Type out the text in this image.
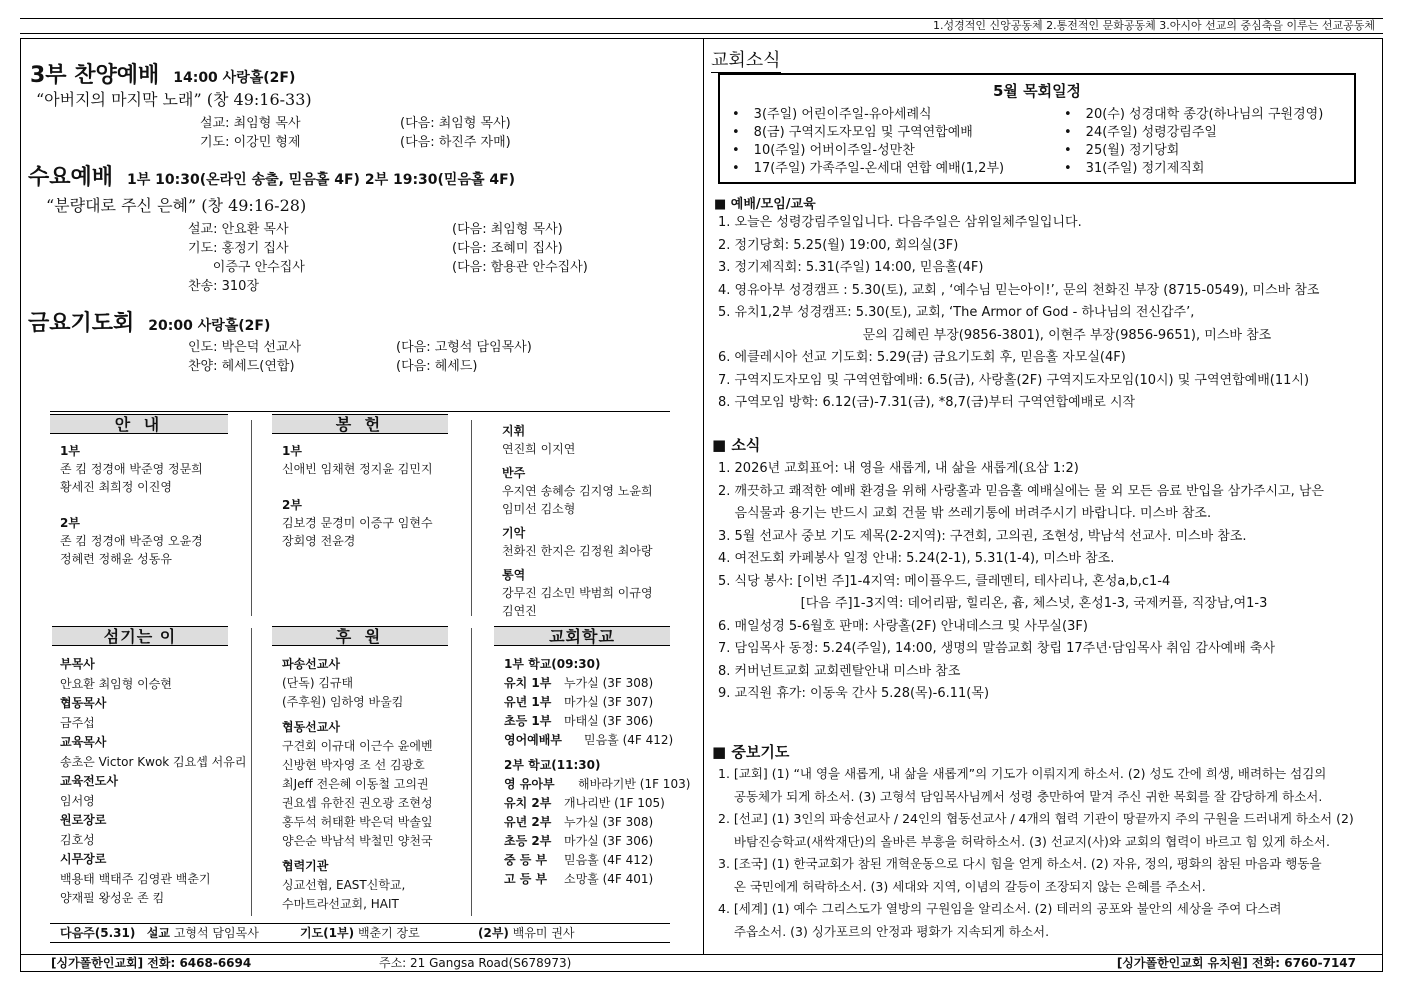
1.성경적인 신앙공동체 2.통전적인 문화공동체 3.아시아 선교의 중심축을 이루는 선교공동체
3부 찬양예배 14:00 사랑홀(2F)
“아버지의 마지막 노래” (창 49:16-33)
설교: 최임형 목사	(다음: 최임형 목사)
기도: 이강민 형제	(다음: 하진주 자매)
수요예배 1부 10:30(온라인 송출, 믿음홀 4F) 2부 19:30(믿음홀 4F)
“분량대로 주신 은혜” (창 49:16-28)
설교: 안요환 목사	(다음: 최임형 목사)
기도: 홍정기 집사	(다음: 조혜미 집사)
이증구 안수집사	(다음: 함용관 안수집사)
찬송: 310장
금요기도회 20:00 사랑홀(2F)
인도: 박은덕 선교사	(다음: 고형석 담임목사)
찬양: 헤세드(연합)	(다음: 헤세드)
안 내
1부
존 킴 정경애 박준영 정문희
황세진 최희정 이진영

2부
존 킴 정경애 박준영 오윤경
정혜련 정해윤 성동유
봉 헌
1부
신애빈 임채현 정지윤 김민지

2부
김보경 문경미 이증구 임현수
장회영 전윤경
지휘
연진희 이지연

반주
우지연 송혜승 김지영 노윤희
임미선 김소형

기악
천화진 한지은 김정원 최아랑

통역
강무진 김소민 박범희 이규영
김연진
섬기는 이
부목사
안요환 최임형 이승현
협동목사
금주섭
교육목사
송초은 Victor Kwok 김요셉 서유리
교육전도사
임서영
원로장로
김호성
시무장로
백용태 백태주 김영관 백춘기
양재필 왕성운 존 킴
후 원
파송선교사
(단독) 김규태
(주후원) 임하영 바울킴

협동선교사
구견회 이규대 이근수 윤에벤
신방현 박자영 조 선 김광호
최Jeff 전은혜 이동철 고의권
권요셉 유한진 권오광 조현성
홍두석 허태환 박은덕 박솔잎
양은순 박남석 박철민 양천국

협력기관
싱교선협, EAST신학교,
수마트라선교회, HAIT
교회학교
1부 학교(09:30)
유치 1부	누가실 (3F 308)
유년 1부	마가실 (3F 307)
초등 1부	마태실 (3F 306)
영어예배부	믿음홀 (4F 412)
2부 학교(11:30)
영 유아부	해바라기반 (1F 103)
유치 2부	개나리반 (1F 105)
유년 2부	누가실 (3F 308)
초등 2부	마가실 (3F 306)
중 등 부	믿음홀 (4F 412)
고 등 부	소망홀 (4F 401)
다음주(5.31) 설교 고형석 담임목사	기도(1부) 백춘기 장로	(2부) 백유미 권사
교회소식
5월 목회일정
• 3(주일) 어린이주일-유아세례식
• 8(금) 구역지도자모임 및 구역연합예배
• 10(주일) 어버이주일-성만찬
• 17(주일) 가족주일-온세대 연합 예배(1,2부)
• 20(수) 성경대학 종강(하나님의 구원경영)
• 24(주일) 성령강림주일
• 25(월) 정기당회
• 31(주일) 정기제직회
■ 예배/모임/교육
1. 오늘은 성령강림주일입니다. 다음주일은 삼위일체주일입니다.
2. 정기당회: 5.25(월) 19:00, 회의실(3F)
3. 정기제직회: 5.31(주일) 14:00, 믿음홀(4F)
4. 영유아부 성경캠프 : 5.30(토), 교회 , ‘예수님 믿는아이!’, 문의 천화진 부장 (8715-0549), 미스바 참조
5. 유치1,2부 성경캠프: 5.30(토), 교회, ‘The Armor of God - 하나님의 전신갑주’,
문의 김혜린 부장(9856-3801), 이현주 부장(9856-9651), 미스바 참조
6. 에클레시아 선교 기도회: 5.29(금) 금요기도회 후, 믿음홀 자모실(4F)
7. 구역지도자모임 및 구역연합예배: 6.5(금), 사랑홀(2F) 구역지도자모임(10시) 및 구역연합예배(11시)
8. 구역모임 방학: 6.12(금)-7.31(금), *8,7(금)부터 구역연합예배로 시작
■ 소식
1. 2026년 교회표어: 내 영을 새롭게, 내 삶을 새롭게(요삼 1:2)
2. 깨끗하고 쾌적한 예배 환경을 위해 사랑홀과 믿음홀 예배실에는 물 외 모든 음료 반입을 삼가주시고, 남은
음식물과 용기는 반드시 교회 건물 밖 쓰레기통에 버려주시기 바랍니다. 미스바 참조.
3. 5월 선교사 중보 기도 제목(2-2지역): 구견회, 고의권, 조현성, 박남석 선교사. 미스바 참조.
4. 여전도회 카페봉사 일정 안내: 5.24(2-1), 5.31(1-4), 미스바 참조.
5. 식당 봉사: [이번 주]1-4지역: 메이플우드, 클레멘티, 테사리나, 혼성a,b,c1-4
[다음 주]1-3지역: 데어리팜, 힐리온, 흄, 체스넛, 혼성1-3, 국제커플, 직장남,여1-3
6. 매일성경 5-6월호 판매: 사랑홀(2F) 안내데스크 및 사무실(3F)
7. 담임목사 동정: 5.24(주일), 14:00, 생명의 말씀교회 창립 17주년·담임목사 취임 감사예배 축사
8. 커버넌트교회 교회렌탈안내 미스바 참조
9. 교직원 휴가: 이동욱 간사 5.28(목)-6.11(목)
■ 중보기도
1. [교회] (1) “내 영을 새롭게, 내 삶을 새롭게”의 기도가 이뤄지게 하소서. (2) 성도 간에 희생, 배려하는 섬김의
공동체가 되게 하소서. (3) 고형석 담임목사님께서 성령 충만하여 맡겨 주신 귀한 목회를 잘 감당하게 하소서.
2. [선교] (1) 3인의 파송선교사 / 24인의 협동선교사 / 4개의 협력 기관이 땅끝까지 주의 구원을 드러내게 하소서 (2)
바탐진승학교(새싹재단)의 올바른 부흥을 허락하소서. (3) 선교지(사)와 교회의 협력이 바르고 힘 있게 하소서.
3. [조국] (1) 한국교회가 참된 개혁운동으로 다시 힘을 얻게 하소서. (2) 자유, 정의, 평화의 참된 마음과 행동을
온 국민에게 허락하소서. (3) 세대와 지역, 이념의 갈등이 조장되지 않는 은혜를 주소서.
4. [세계] (1) 예수 그리스도가 열방의 구원임을 알리소서. (2) 테러의 공포와 불안의 세상을 주여 다스려
주옵소서. (3) 싱가포르의 안정과 평화가 지속되게 하소서.
[싱가폴한인교회] 전화: 6468-6694	주소: 21 Gangsa Road(S678973)	[싱가폴한인교회 유치원] 전화: 6760-7147
